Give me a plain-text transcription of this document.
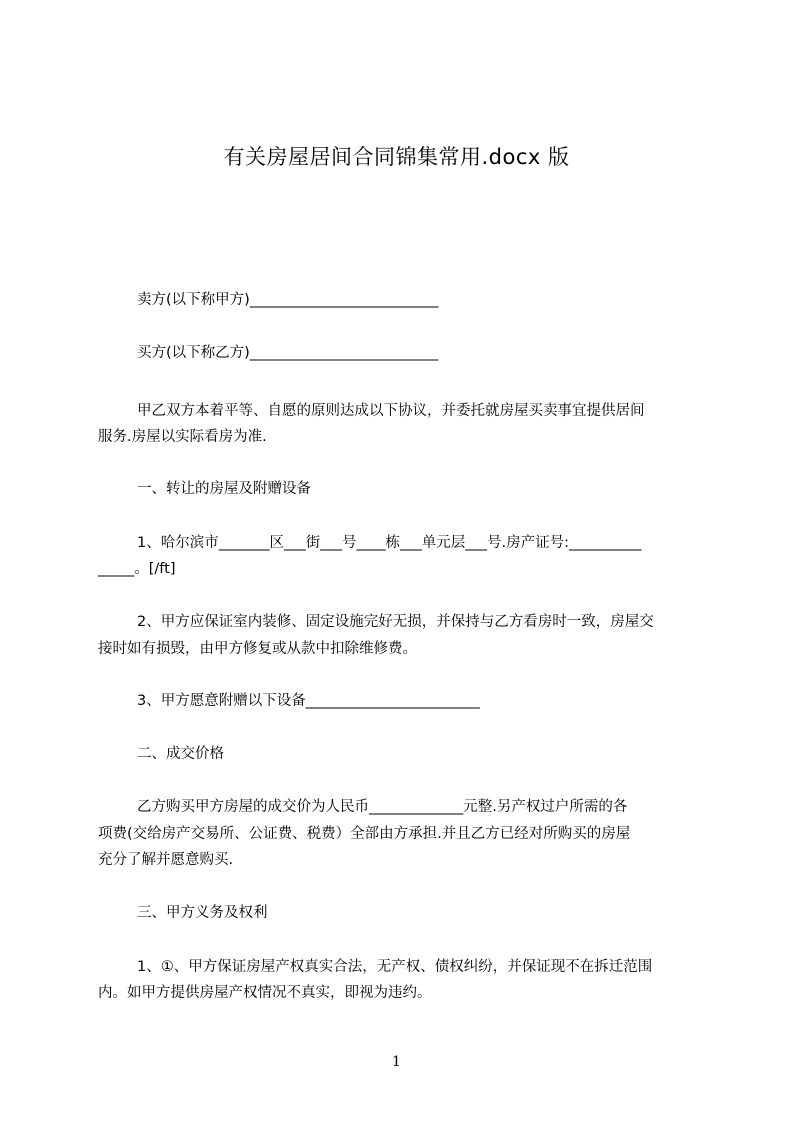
有关房屋居间合同锦集常用.docx 版
卖方(以下称甲方)__________________________
买方(以下称乙方)__________________________
甲乙双方本着平等、自愿的原则达成以下协议，并委托就房屋买卖事宜提供居间
服务.房屋以实际看房为准.
一、转让的房屋及附赠设备
1、哈尔滨市_______区___街___号____栋___单元层___号.房产证号:__________
_____。[/ft]
2、甲方应保证室内装修、固定设施完好无损，并保持与乙方看房时一致，房屋交
接时如有损毁，由甲方修复或从款中扣除维修费。
3、甲方愿意附赠以下设备________________________
二、成交价格
乙方购买甲方房屋的成交价为人民币_____________元整.另产权过户所需的各
项费(交给房产交易所、公证费、税费）全部由方承担.并且乙方已经对所购买的房屋
充分了解并愿意购买.
三、甲方义务及权利
1、①、甲方保证房屋产权真实合法，无产权、债权纠纷，并保证现不在拆迁范围
内。如甲方提供房屋产权情况不真实，即视为违约。
1
